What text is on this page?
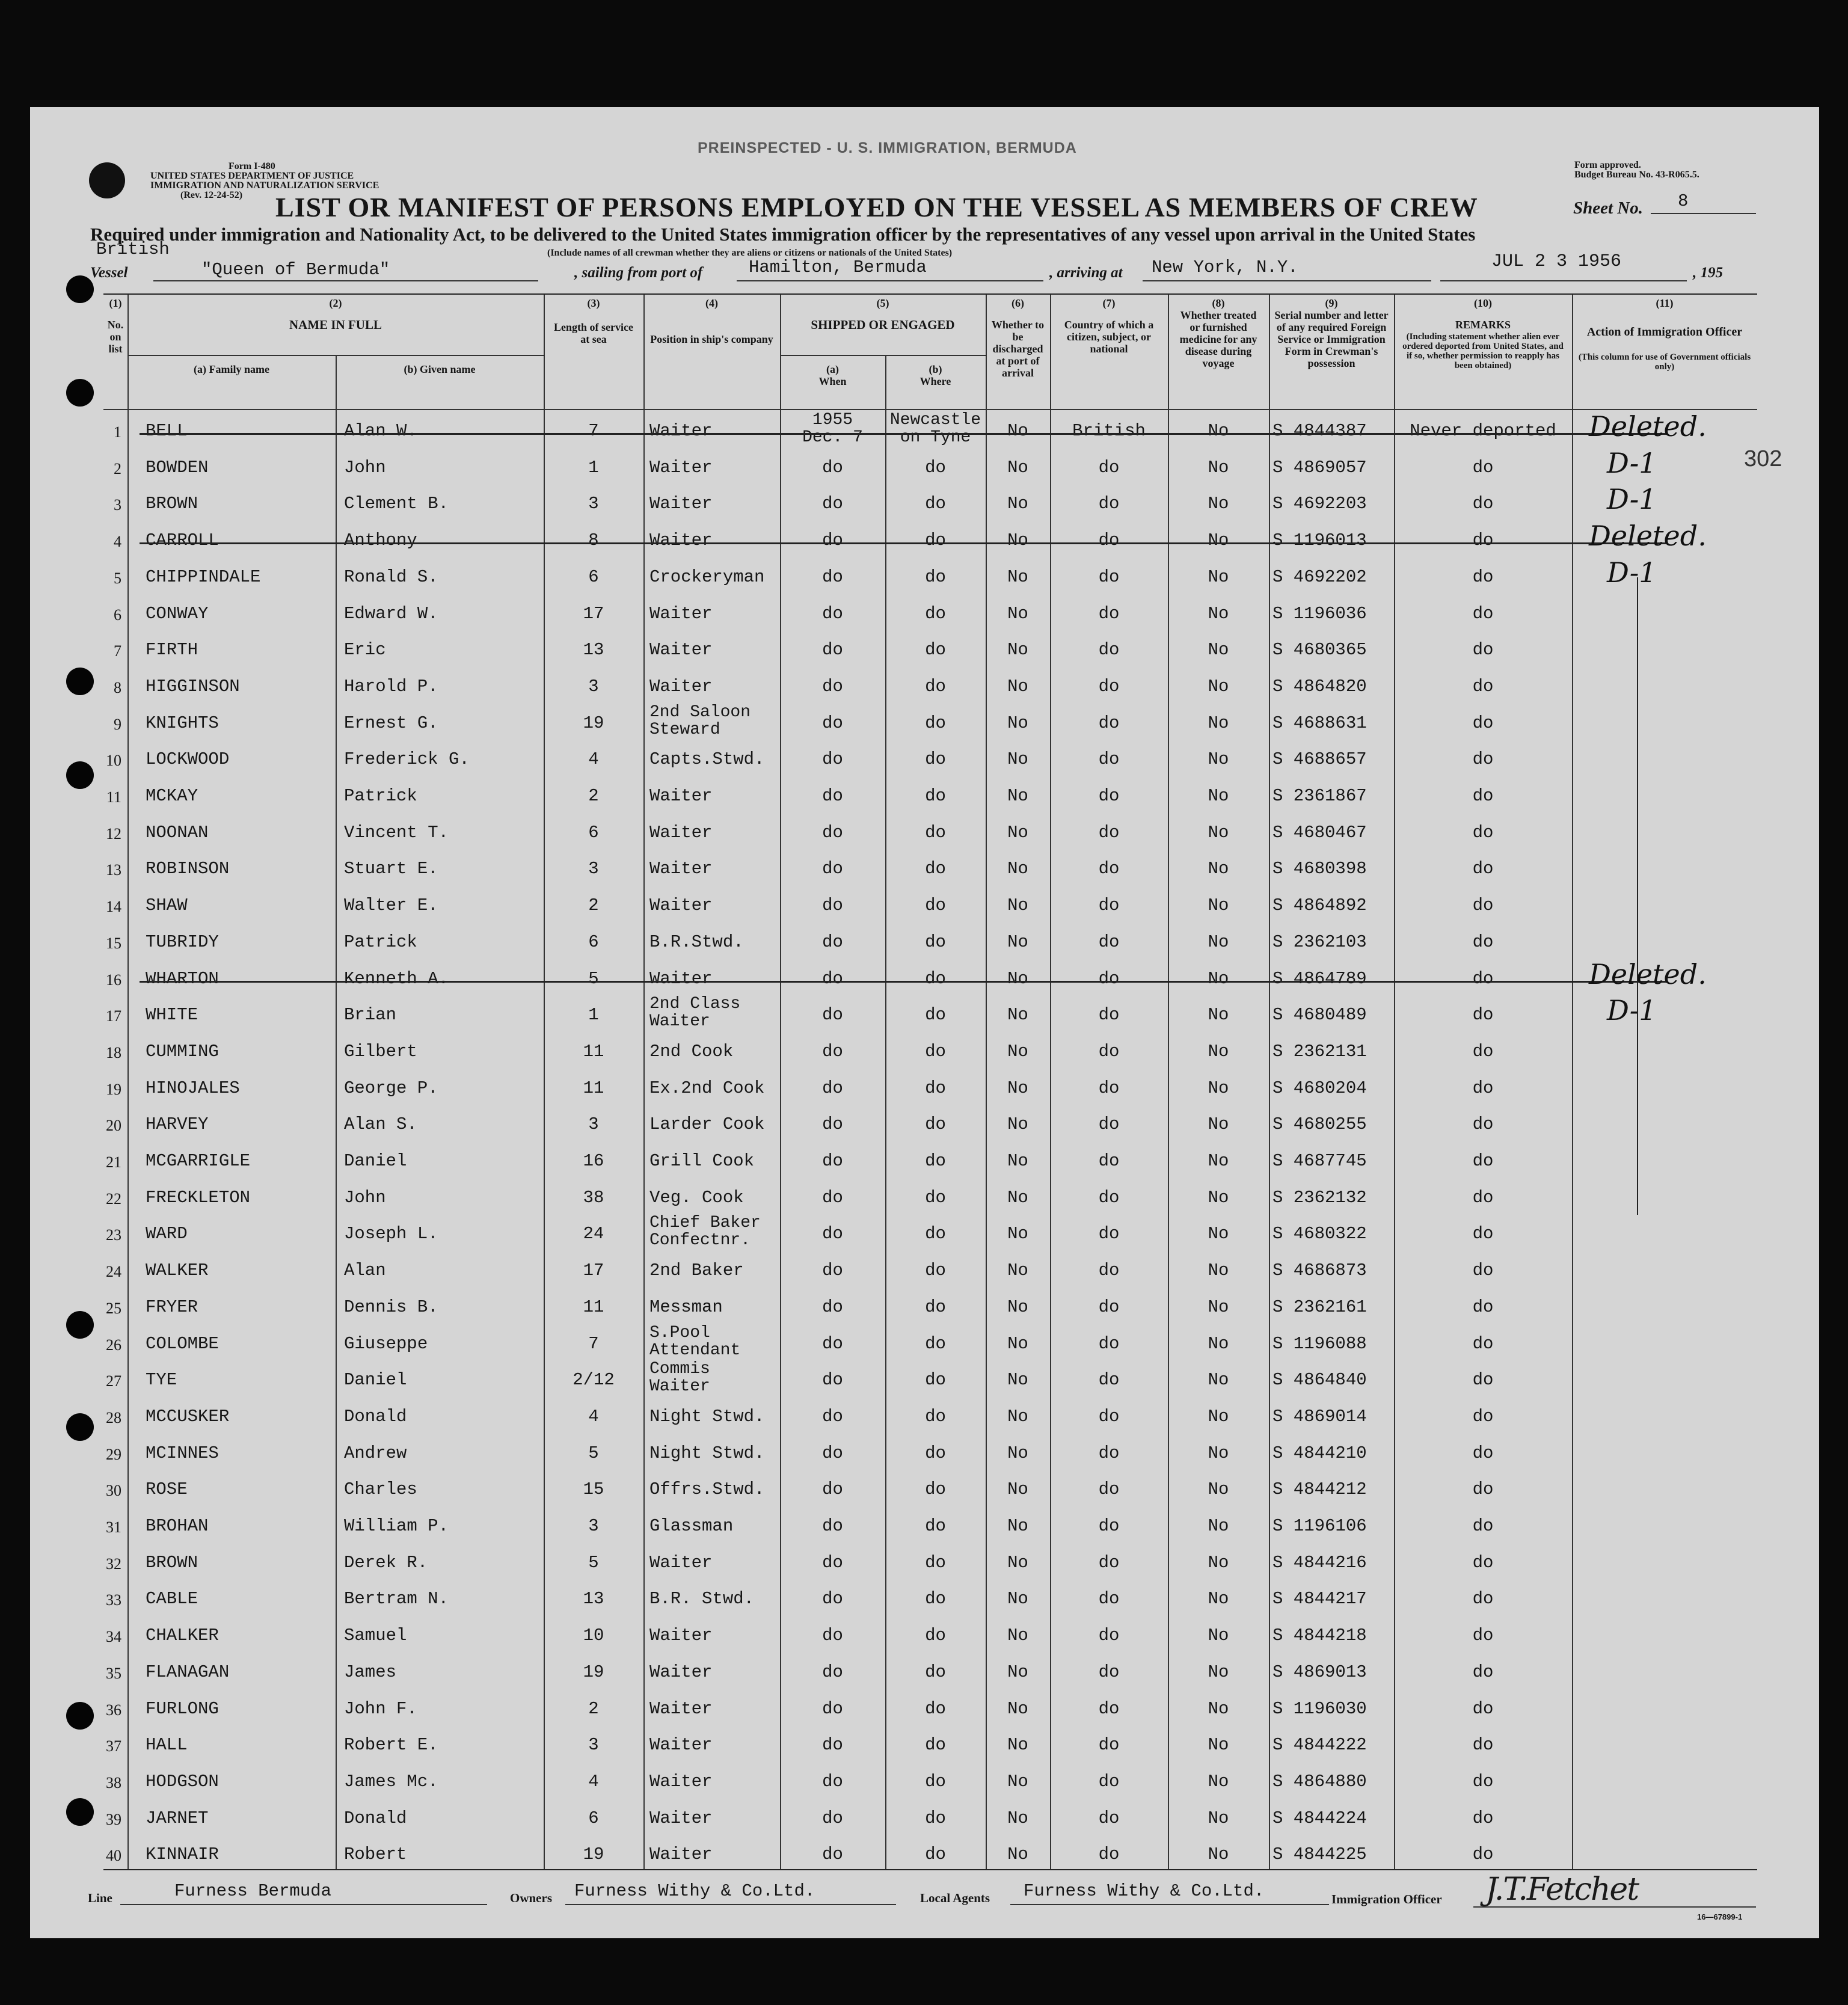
PREINSPECTED - U. S. IMMIGRATION, BERMUDA
Form I-480
UNITED STATES DEPARTMENT OF JUSTICE
IMMIGRATION AND NATURALIZATION SERVICE
(Rev. 12-24-52)
Form approved.
Budget Bureau No. 43-R065.5.
LIST OR MANIFEST OF PERSONS EMPLOYED ON THE VESSEL AS MEMBERS OF CREW	Sheet No. 8
Required under immigration and Nationality Act, to be delivered to the United States immigration officer by the representatives of any vessel upon arrival in the United States
British	(Include names of all crewman whether they are aliens or citizens or nationals of the United States)
Vessel	"Queen of Bermuda"	, sailing from port of	Hamilton, Bermuda	, arriving at New York, N.Y.	JUL 2 3 1956
, 195
302
(1)
No. on list
(2)
NAME IN FULL
(a) Family name	(b) Given name
(3)
Length of service at sea
(4)
Position in ship's company
(5)
SHIPPED OR ENGAGED
(a) When
(b) Where
(6)
Whether to be discharged at port of arrival
(7)
Country of which a citizen, subject, or national
(8)
Whether treated or furnished medicine for any disease during voyage
(9)
Serial number and letter of any required Foreign Service or Immigration Form in Crewman's possession
(10)
REMARKS
(Including statement whether alien ever ordered deported from United States, and if so, whether permission to reapply has been obtained)
(11)
Action of Immigration Officer
(This column for use of Government officials only)
1 BELL	Alan W.	7	Waiter
1955
Dec. 7
Newcastle
on Tyne	No	British	No	S 4844387	Never deported	Deleted.
2 BOWDEN	John	1	Waiter	do	do	No	do	No	S 4869057	do	D-1
3 BROWN	Clement B.	3	Waiter	do	do	No	do	No	S 4692203	do	D-1
4 CARROLL	Anthony	8	Waiter	do	do	No	do	No	S 1196013	do	Deleted.
5 CHIPPINDALE	Ronald S.	6	Crockeryman	do	do	No	do	No	S 4692202	do	D-1
6 CONWAY	Edward W.	17	Waiter	do	do	No	do	No	S 1196036	do
7 FIRTH	Eric	13	Waiter	do	do	No	do	No	S 4680365	do
8 HIGGINSON	Harold P.	3	Waiter	do	do	No	do	No	S 4864820	do
9 KNIGHTS	Ernest G.	19
2nd Saloon
Steward	do	do	No	do	No	S 4688631	do
10 LOCKWOOD	Frederick G.	4	Capts.Stwd.	do	do	No	do	No	S 4688657	do
11 MCKAY	Patrick	2	Waiter	do	do	No	do	No	S 2361867	do
12 NOONAN	Vincent T.	6	Waiter	do	do	No	do	No	S 4680467	do
13 ROBINSON	Stuart E.	3	Waiter	do	do	No	do	No	S 4680398	do
14 SHAW	Walter E.	2	Waiter	do	do	No	do	No	S 4864892	do
15 TUBRIDY	Patrick	6	B.R.Stwd.	do	do	No	do	No	S 2362103	do
16 WHARTON	Kenneth A.	5	Waiter	do	do	No	do	No	S 4864789	do	Deleted.
17 WHITE	Brian	1
2nd Class
Waiter	do	do	No	do	No	S 4680489	do	D-1
18 CUMMING	Gilbert	11	2nd Cook	do	do	No	do	No	S 2362131	do
19 HINOJALES	George P.	11	Ex.2nd Cook	do	do	No	do	No	S 4680204	do
20 HARVEY	Alan S.	3	Larder Cook	do	do	No	do	No	S 4680255	do
21 MCGARRIGLE	Daniel	16	Grill Cook	do	do	No	do	No	S 4687745	do
22 FRECKLETON	John	38	Veg. Cook	do	do	No	do	No	S 2362132	do
23 WARD	Joseph L.	24
Chief Baker
Confectnr.	do	do	No	do	No	S 4680322	do
24 WALKER	Alan	17	2nd Baker	do	do	No	do	No	S 4686873	do
25 FRYER	Dennis B.	11	Messman	do	do	No	do	No	S 2362161	do
26 COLOMBE	Giuseppe	7
S.Pool
Attendant	do	do	No	do	No	S 1196088	do
27 TYE	Daniel	2/12
Commis
Waiter	do	do	No	do	No	S 4864840	do
28 MCCUSKER	Donald	4	Night Stwd.	do	do	No	do	No	S 4869014	do
29 MCINNES	Andrew	5	Night Stwd.	do	do	No	do	No	S 4844210	do
30 ROSE	Charles	15	Offrs.Stwd.	do	do	No	do	No	S 4844212	do
31 BROHAN	William P.	3	Glassman	do	do	No	do	No	S 1196106	do
32 BROWN	Derek R.	5	Waiter	do	do	No	do	No	S 4844216	do
33 CABLE	Bertram N.	13	B.R. Stwd.	do	do	No	do	No	S 4844217	do
34 CHALKER	Samuel	10	Waiter	do	do	No	do	No	S 4844218	do
35 FLANAGAN	James	19	Waiter	do	do	No	do	No	S 4869013	do
36 FURLONG	John F.	2	Waiter	do	do	No	do	No	S 1196030	do
37 HALL	Robert E.	3	Waiter	do	do	No	do	No	S 4844222	do
38 HODGSON	James Mc.	4	Waiter	do	do	No	do	No	S 4864880	do
39 JARNET	Donald	6	Waiter	do	do	No	do	No	S 4844224	do
40 KINNAIR	Robert	19	Waiter	do	do	No	do	No	S 4844225	do
Line	Furness Bermuda	Owners Furness Withy & Co.Ltd.	Local Agents Furness Withy & Co.Ltd.	Immigration Officer J.T.Fetchet
16—67899-1
